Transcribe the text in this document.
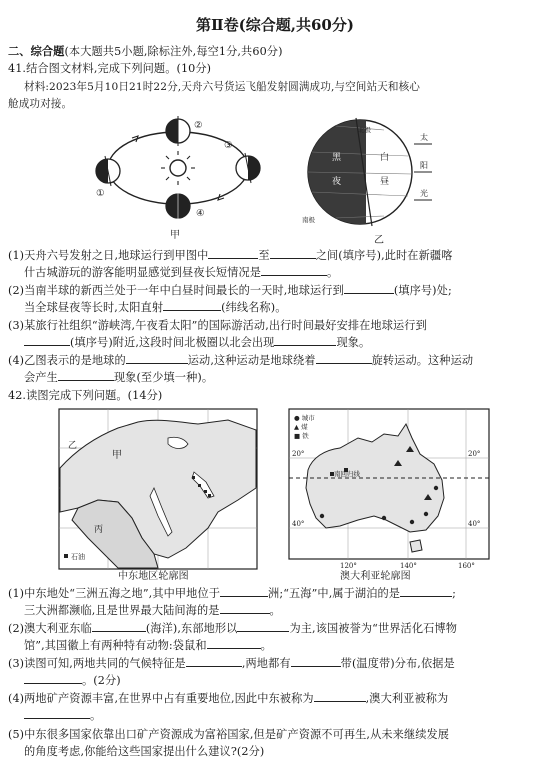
第Ⅱ卷(综合题,共60分)
二、综合题(本大题共5小题,除标注外,每空1分,共60分)
41.结合图文材料,完成下列问题。(10分)
材料:2023年5月10日21时22分,天舟六号货运飞船发射圆满成功,与空间站天和核心
舱成功对接。
②
①
③
④
甲
北极
南极
黑
夜
白
昼
太
阳
光
乙
(1)天舟六号发射之日,地球运行到甲图中	至	之间(填序号),此时在新疆喀
什古城游玩的游客能明显感觉到昼夜长短情况是	。
(2)当南半球的新西兰处于一年中白昼时间最长的一天时,地球运行到	(填序号)处;
当全球昼夜等长时,太阳直射	(纬线名称)。
(3)某旅行社组织“游峡湾,午夜看太阳”的国际游活动,出行时间最好安排在地球运行到
(填序号)附近,这段时间北极圈以北会出现	现象。
(4)乙图表示的是地球的	运动,这种运动是地球绕着	旋转运动。这种运动
会产生	现象(至少填一种)。
42.读图完成下列问题。(14分)
甲
乙
丙
石油
中东地区轮廓图
● 城市
▲ 煤
■ 铁
南回归线
20°	20°
40°	40°
120°	140°	160°
澳大利亚轮廓图
(1)中东地处“三洲五海之地”,其中甲地位于	洲;“五海”中,属于湖泊的是	;
三大洲都濒临,且是世界最大陆间海的是	。
(2)澳大利亚东临	(海洋),东部地形以	为主,该国被誉为“世界活化石博物
馆”,其国徽上有两种特有动物:袋鼠和	。
(3)读图可知,两地共同的气候特征是	,两地都有	带(温度带)分布,依据是
。(2分)
(4)两地矿产资源丰富,在世界中占有重要地位,因此中东被称为	,澳大利亚被称为
。
(5)中东很多国家依靠出口矿产资源成为富裕国家,但是矿产资源不可再生,从未来继续发展
的角度考虑,你能给这些国家提出什么建议?(2分)
